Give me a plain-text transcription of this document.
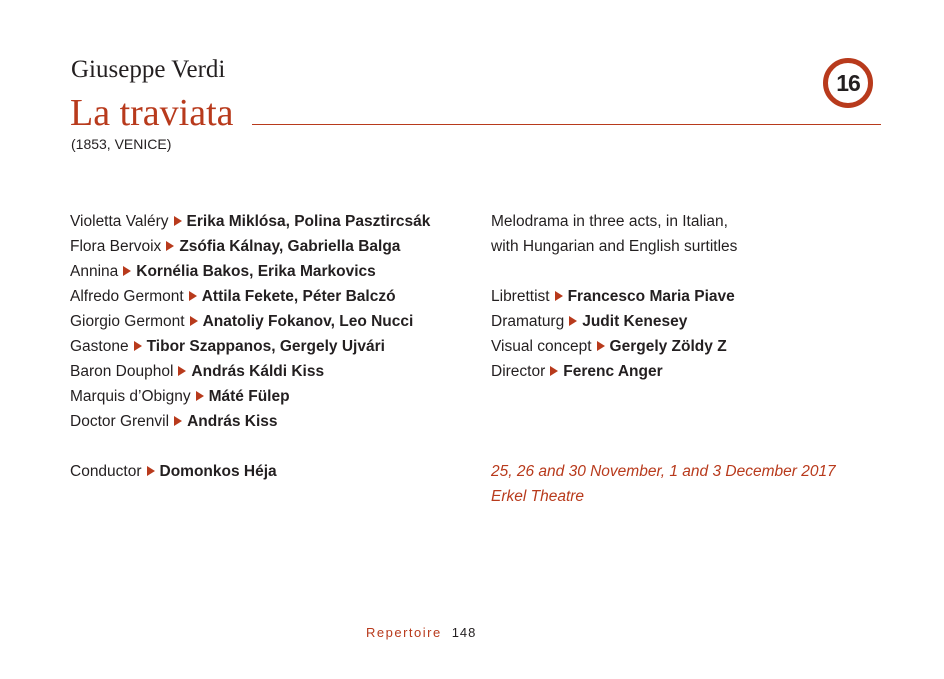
Giuseppe Verdi
La traviata
(1853, VENICE)
16
Violetta Valéry Erika Miklósa, Polina Pasztircsák
Flora Bervoix Zsófia Kálnay, Gabriella Balga
Annina Kornélia Bakos, Erika Markovics
Alfredo Germont Attila Fekete, Péter Balczó
Giorgio Germont Anatoliy Fokanov, Leo Nucci
Gastone Tibor Szappanos, Gergely Ujvári
Baron Douphol András Káldi Kiss
Marquis d’Obigny Máté Fülep
Doctor Grenvil András Kiss
Conductor Domonkos Héja
Melodrama in three acts, in Italian,
with Hungarian and English surtitles
Librettist Francesco Maria Piave
Dramaturg Judit Kenesey
Visual concept Gergely Zöldy Z
Director Ferenc Anger
25, 26 and 30 November, 1 and 3 December 2017
Erkel Theatre
Repertoire 148
